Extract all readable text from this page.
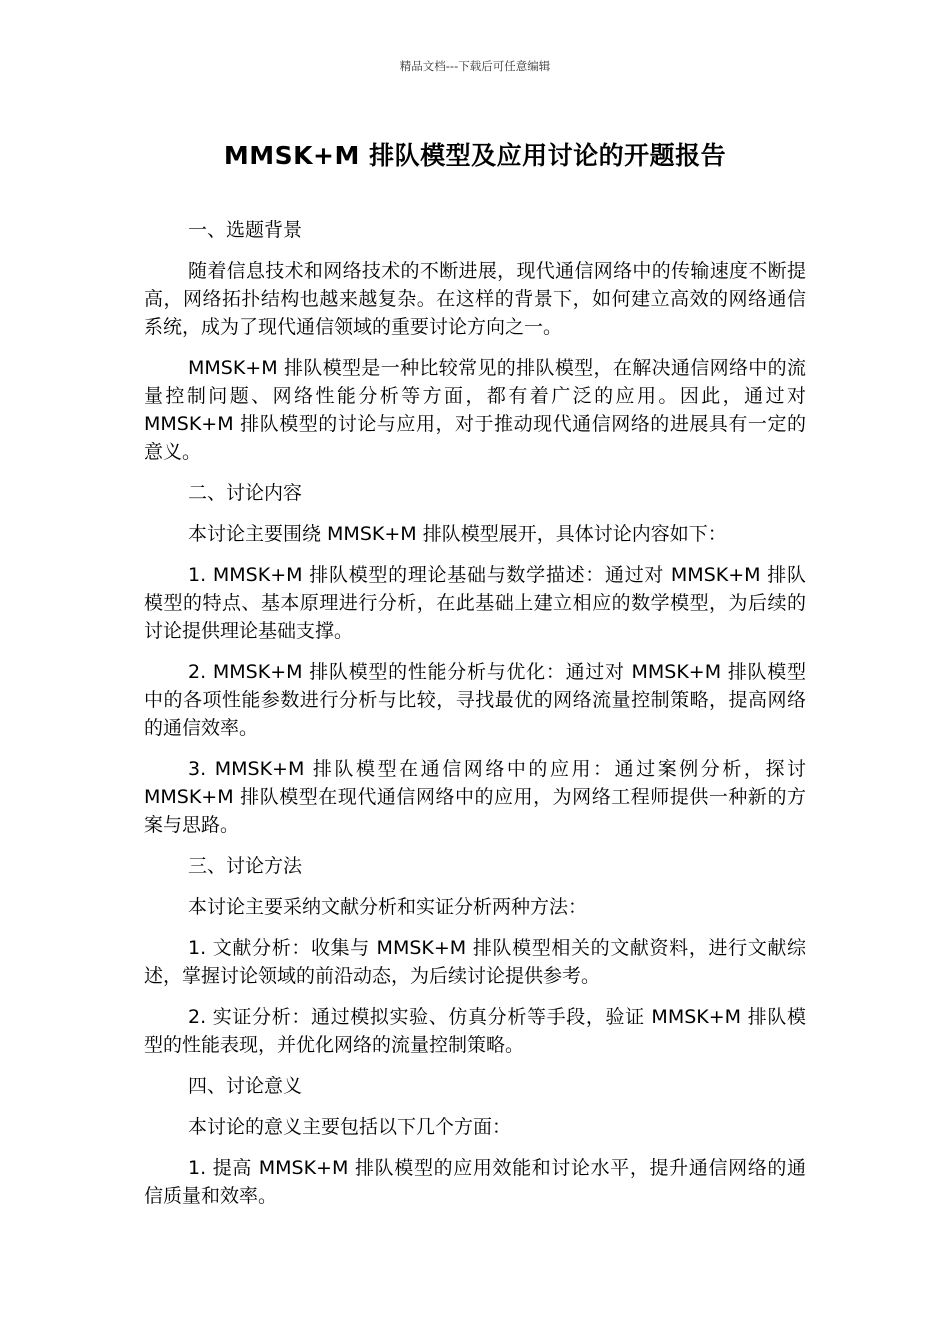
精品文档---下载后可任意编辑
MMSK+M 排队模型及应用讨论的开题报告

一、选题背景

随着信息技术和网络技术的不断进展，现代通信网络中的传输速度不断提高，网络拓扑结构也越来越复杂。在这样的背景下，如何建立高效的网络通信系统，成为了现代通信领域的重要讨论方向之一。

MMSK+M 排队模型是一种比较常见的排队模型，在解决通信网络中的流量控制问题、网络性能分析等方面，都有着广泛的应用。因此，通过对 MMSK+M 排队模型的讨论与应用，对于推动现代通信网络的进展具有一定的意义。

二、讨论内容

本讨论主要围绕 MMSK+M 排队模型展开，具体讨论内容如下：

1. MMSK+M 排队模型的理论基础与数学描述：通过对 MMSK+M 排队模型的特点、基本原理进行分析，在此基础上建立相应的数学模型，为后续的讨论提供理论基础支撑。

2. MMSK+M 排队模型的性能分析与优化：通过对 MMSK+M 排队模型中的各项性能参数进行分析与比较，寻找最优的网络流量控制策略，提高网络的通信效率。

3. MMSK+M 排队模型在通信网络中的应用：通过案例分析，探讨 MMSK+M 排队模型在现代通信网络中的应用，为网络工程师提供一种新的方案与思路。

三、讨论方法

本讨论主要采纳文献分析和实证分析两种方法：

1. 文献分析：收集与 MMSK+M 排队模型相关的文献资料，进行文献综述，掌握讨论领域的前沿动态，为后续讨论提供参考。

2. 实证分析：通过模拟实验、仿真分析等手段，验证 MMSK+M 排队模型的性能表现，并优化网络的流量控制策略。

四、讨论意义

本讨论的意义主要包括以下几个方面：

1. 提高 MMSK+M 排队模型的应用效能和讨论水平，提升通信网络的通信质量和效率。
